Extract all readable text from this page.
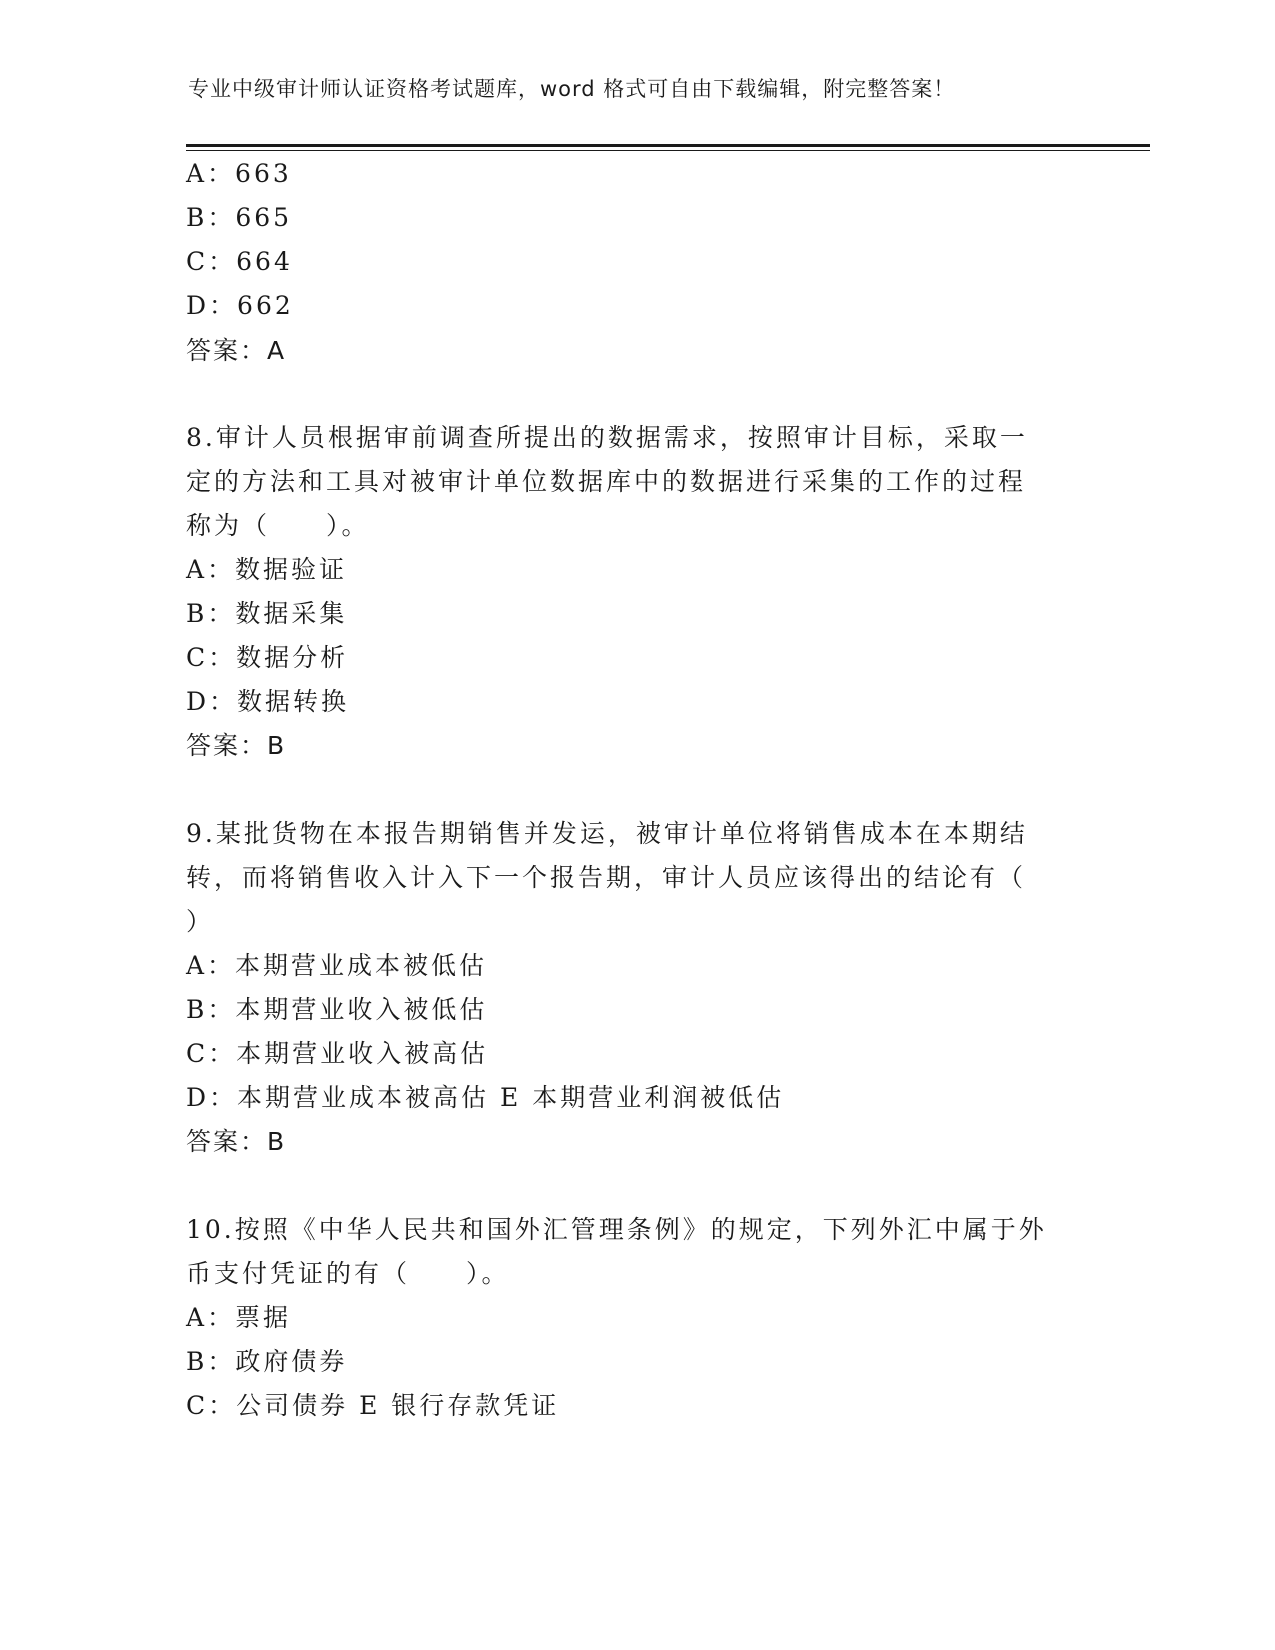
专业中级审计师认证资格考试题库，word 格式可自由下载编辑，附完整答案！
A：663
B：665
C：664
D：662
答案：A
8.审计人员根据审前调查所提出的数据需求，按照审计目标，采取一
定的方法和工具对被审计单位数据库中的数据进行采集的工作的过程
称为（　　）。
A：数据验证
B：数据采集
C：数据分析
D：数据转换
答案：B
9.某批货物在本报告期销售并发运，被审计单位将销售成本在本期结
转，而将销售收入计入下一个报告期，审计人员应该得出的结论有（
）
A：本期营业成本被低估
B：本期营业收入被低估
C：本期营业收入被高估
D：本期营业成本被高估 E 本期营业利润被低估
答案：B
10.按照《中华人民共和国外汇管理条例》的规定，下列外汇中属于外
币支付凭证的有（　　）。
A：票据
B：政府债券
C：公司债券 E 银行存款凭证
